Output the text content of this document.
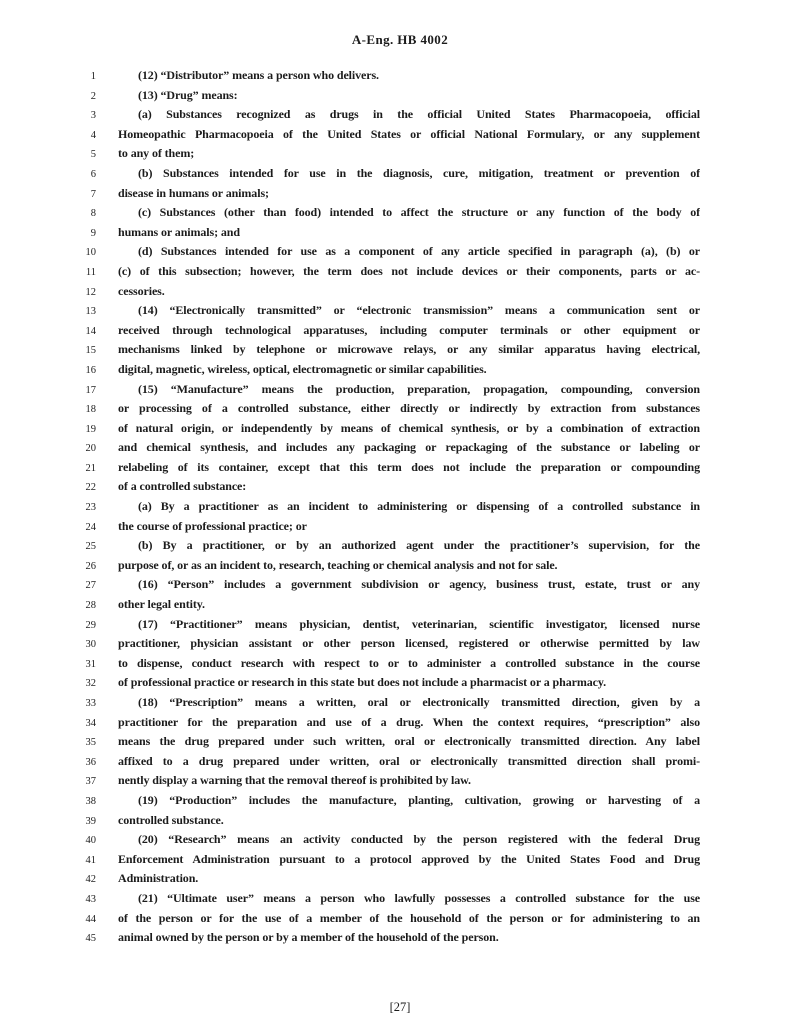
A-Eng. HB 4002
1	(12) “Distributor” means a person who delivers.
2	(13) “Drug” means:
3	(a) Substances recognized as drugs in the official United States Pharmacopoeia, official
4 Homeopathic Pharmacopoeia of the United States or official National Formulary, or any supplement
5 to any of them;
6	(b) Substances intended for use in the diagnosis, cure, mitigation, treatment or prevention of
7 disease in humans or animals;
8	(c) Substances (other than food) intended to affect the structure or any function of the body of
9 humans or animals; and
10	(d) Substances intended for use as a component of any article specified in paragraph (a), (b) or
11 (c) of this subsection; however, the term does not include devices or their components, parts or ac-
12 cessories.
13	(14) “Electronically transmitted” or “electronic transmission” means a communication sent or
14 received through technological apparatuses, including computer terminals or other equipment or
15 mechanisms linked by telephone or microwave relays, or any similar apparatus having electrical,
16 digital, magnetic, wireless, optical, electromagnetic or similar capabilities.
17	(15) “Manufacture” means the production, preparation, propagation, compounding, conversion
18 or processing of a controlled substance, either directly or indirectly by extraction from substances
19 of natural origin, or independently by means of chemical synthesis, or by a combination of extraction
20 and chemical synthesis, and includes any packaging or repackaging of the substance or labeling or
21 relabeling of its container, except that this term does not include the preparation or compounding
22 of a controlled substance:
23	(a) By a practitioner as an incident to administering or dispensing of a controlled substance in
24 the course of professional practice; or
25	(b) By a practitioner, or by an authorized agent under the practitioner’s supervision, for the
26 purpose of, or as an incident to, research, teaching or chemical analysis and not for sale.
27	(16) “Person” includes a government subdivision or agency, business trust, estate, trust or any
28 other legal entity.
29	(17) “Practitioner” means physician, dentist, veterinarian, scientific investigator, licensed nurse
30 practitioner, physician assistant or other person licensed, registered or otherwise permitted by law
31 to dispense, conduct research with respect to or to administer a controlled substance in the course
32 of professional practice or research in this state but does not include a pharmacist or a pharmacy.
33	(18) “Prescription” means a written, oral or electronically transmitted direction, given by a
34 practitioner for the preparation and use of a drug. When the context requires, “prescription” also
35 means the drug prepared under such written, oral or electronically transmitted direction. Any label
36 affixed to a drug prepared under written, oral or electronically transmitted direction shall promi-
37 nently display a warning that the removal thereof is prohibited by law.
38	(19) “Production” includes the manufacture, planting, cultivation, growing or harvesting of a
39 controlled substance.
40	(20) “Research” means an activity conducted by the person registered with the federal Drug
41 Enforcement Administration pursuant to a protocol approved by the United States Food and Drug
42 Administration.
43	(21) “Ultimate user” means a person who lawfully possesses a controlled substance for the use
44 of the person or for the use of a member of the household of the person or for administering to an
45 animal owned by the person or by a member of the household of the person.
[27]
